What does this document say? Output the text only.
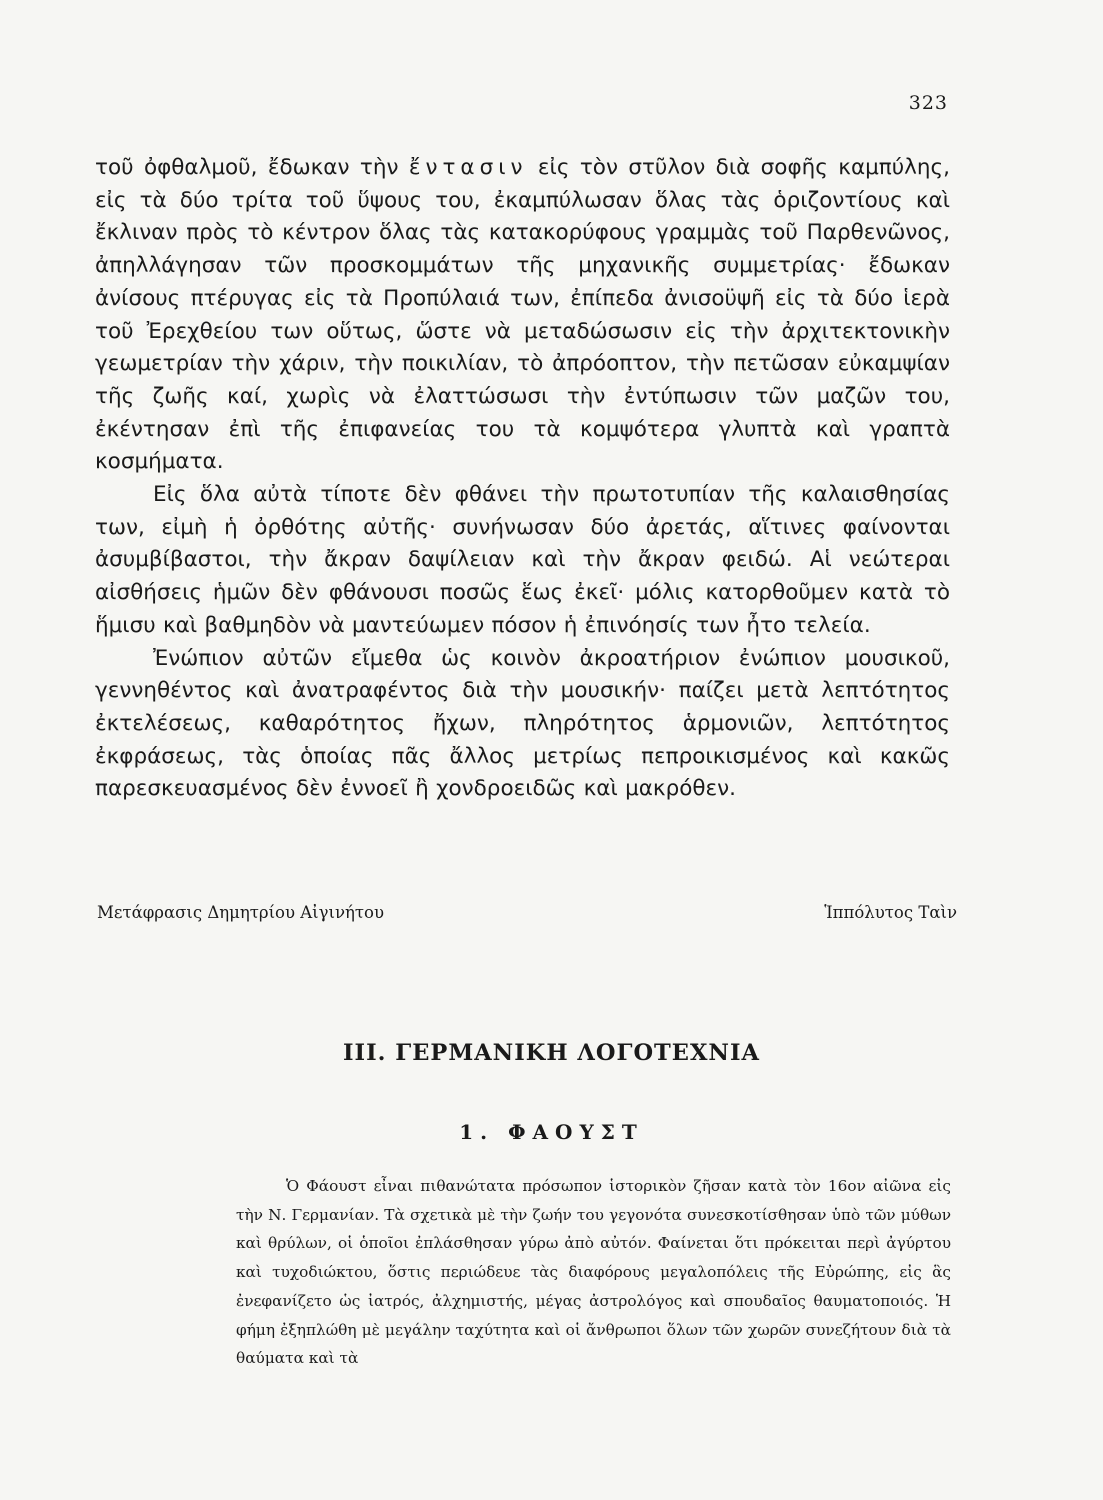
323

τοῦ ὀφθαλμοῦ, ἔδωκαν τὴν ἔντασιν εἰς τὸν στῦλον διὰ σοφῆς καμπύλης, εἰς τὰ δύο τρίτα τοῦ ὕψους του, ἐκαμπύλωσαν ὅλας τὰς ὁριζοντίους καὶ ἔκλιναν πρὸς τὸ κέντρον ὅλας τὰς κατακορύφους γραμμὰς τοῦ Παρθενῶνος, ἀπηλλάγησαν τῶν προσκομμάτων τῆς μηχανικῆς συμμετρίας· ἔδωκαν ἀνίσους πτέρυγας εἰς τὰ Προπύλαιά των, ἐπίπεδα ἀνισοϋψῆ εἰς τὰ δύο ἱερὰ τοῦ Ἐρεχθείου των οὕτως, ὥστε νὰ μεταδώσωσιν εἰς τὴν ἀρχιτεκτονικὴν γεωμετρίαν τὴν χάριν, τὴν ποικιλίαν, τὸ ἀπρόοπτον, τὴν πετῶσαν εὐκαμψίαν τῆς ζωῆς καί, χωρὶς νὰ ἐλαττώσωσι τὴν ἐντύπωσιν τῶν μαζῶν του, ἐκέντησαν ἐπὶ τῆς ἐπιφανείας του τὰ κομψότερα γλυπτὰ καὶ γραπτὰ κοσμήματα.

Εἰς ὅλα αὐτὰ τίποτε δὲν φθάνει τὴν πρωτοτυπίαν τῆς καλαισθησίας των, εἰμὴ ἡ ὀρθότης αὐτῆς· συνήνωσαν δύο ἀρετάς, αἵτινες φαίνονται ἀσυμβίβαστοι, τὴν ἄκραν δαψίλειαν καὶ τὴν ἄκραν φειδώ. Αἱ νεώτεραι αἰσθήσεις ἡμῶν δὲν φθάνουσι ποσῶς ἕως ἐκεῖ· μόλις κατορθοῦμεν κατὰ τὸ ἥμισυ καὶ βαθμηδὸν νὰ μαντεύωμεν πόσον ἡ ἐπινόησίς των ἦτο τελεία.

Ἐνώπιον αὐτῶν εἴμεθα ὡς κοινὸν ἀκροατήριον ἐνώπιον μουσικοῦ, γεννηθέντος καὶ ἀνατραφέντος διὰ τὴν μουσικήν· παίζει μετὰ λεπτότητος ἐκτελέσεως, καθαρότητος ἤχων, πληρότητος ἁρμονιῶν, λεπτότητος ἐκφράσεως, τὰς ὁποίας πᾶς ἄλλος μετρίως πεπροικισμένος καὶ κακῶς παρεσκευασμένος δὲν ἐννοεῖ ἢ χονδροειδῶς καὶ μακρόθεν.

Μετάφρασις Δημητρίου Αἰγινήτου	Ἱππόλυτος Ταὶν
III. ΓΕΡΜΑΝΙΚΗ ΛΟΓΟΤΕΧΝΙΑ
1. ΦΑΟΥΣΤ
Ὁ Φάουστ εἶναι πιθανώτατα πρόσωπον ἱστορικὸν ζῆσαν κατὰ τὸν 16ον αἰῶνα εἰς τὴν Ν. Γερμανίαν. Τὰ σχετικὰ μὲ τὴν ζωήν του γεγονότα συνεσκοτίσθησαν ὑπὸ τῶν μύθων καὶ θρύλων, οἱ ὁποῖοι ἐπλάσθησαν γύρω ἀπὸ αὐτόν. Φαίνεται ὅτι πρόκειται περὶ ἀγύρτου καὶ τυχοδιώκτου, ὅστις περιώδευε τὰς διαφόρους μεγαλοπόλεις τῆς Εὐρώπης, εἰς ἃς ἐνεφανίζετο ὡς ἰατρός, ἀλχημιστής, μέγας ἀστρολόγος καὶ σπουδαῖος θαυματοποιός. Ἡ φήμη ἐξηπλώθη μὲ μεγάλην ταχύτητα καὶ οἱ ἄνθρωποι ὅλων τῶν χωρῶν συνεζήτουν διὰ τὰ θαύματα καὶ τὰ
